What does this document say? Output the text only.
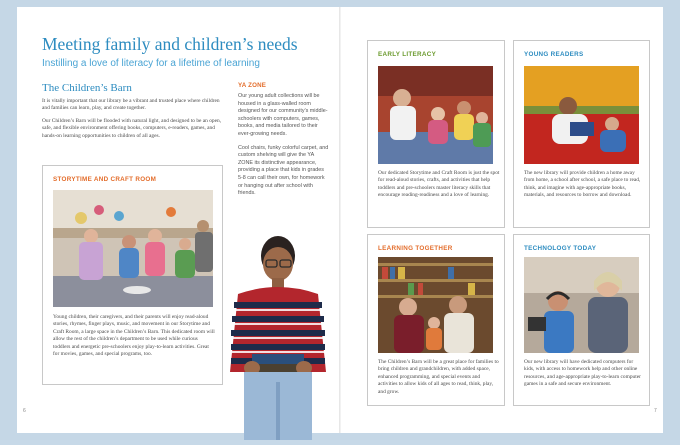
Meeting family and children’s needs
Instilling a love of literacy for a lifetime of learning
The Children’s Barn

It is vitally important that our library be a vibrant and trusted place where children and families can learn, play, and create together.

Our Children’s Barn will be flooded with natural light, and designed to be an open, safe, and flexible environment offering books, computers, e-readers, games, and hands-on learning opportunities to children of all ages.

STORYTIME AND CRAFT ROOM
Young children, their caregivers, and their parents will enjoy read-aloud stories, rhymes, finger plays, music, and movement in our Storytime and Craft Room, a large space in the Children’s Barn. This dedicated room will allow the rest of the children’s department to be used while curious toddlers and energetic pre-schoolers enjoy play-to-learn activities. Great for movies, games, and special programs, too.
YA ZONE

Our young adult collections will be housed in a glass-walled room designed for our community’s middle-schoolers with computers, games, books, and media tailored to their ever-growing needs.

Cool chairs, funky colorful carpet, and custom shelving will give the YA ZONE its distinctive appearance, providing a place that kids in grades 5-8 can call their own, for homework or hanging out after school with friends.

EARLY LITERACY
Our dedicated Storytime and Craft Room is just the spot for read-aloud stories, crafts, and activities that help toddlers and pre-schoolers master literacy skills that encourage reading-readiness and a love of learning.
YOUNG READERS
The new library will provide children a home away from home, a school after school, a safe place to read, think, and imagine with age-appropriate books, materials, and resources to borrow and download.
LEARNING TOGETHER
The Children’s Barn will be a great place for families to bring children and grandchildren, with added space, enhanced programming, and special events and activities to allow kids of all ages to read, think, play, and grow.
TECHNOLOGY TODAY
Our new library will have dedicated computers for kids, with access to homework help and other online resources, and age-appropriate play-to-learn computer games in a safe and secure environment.
6	7
